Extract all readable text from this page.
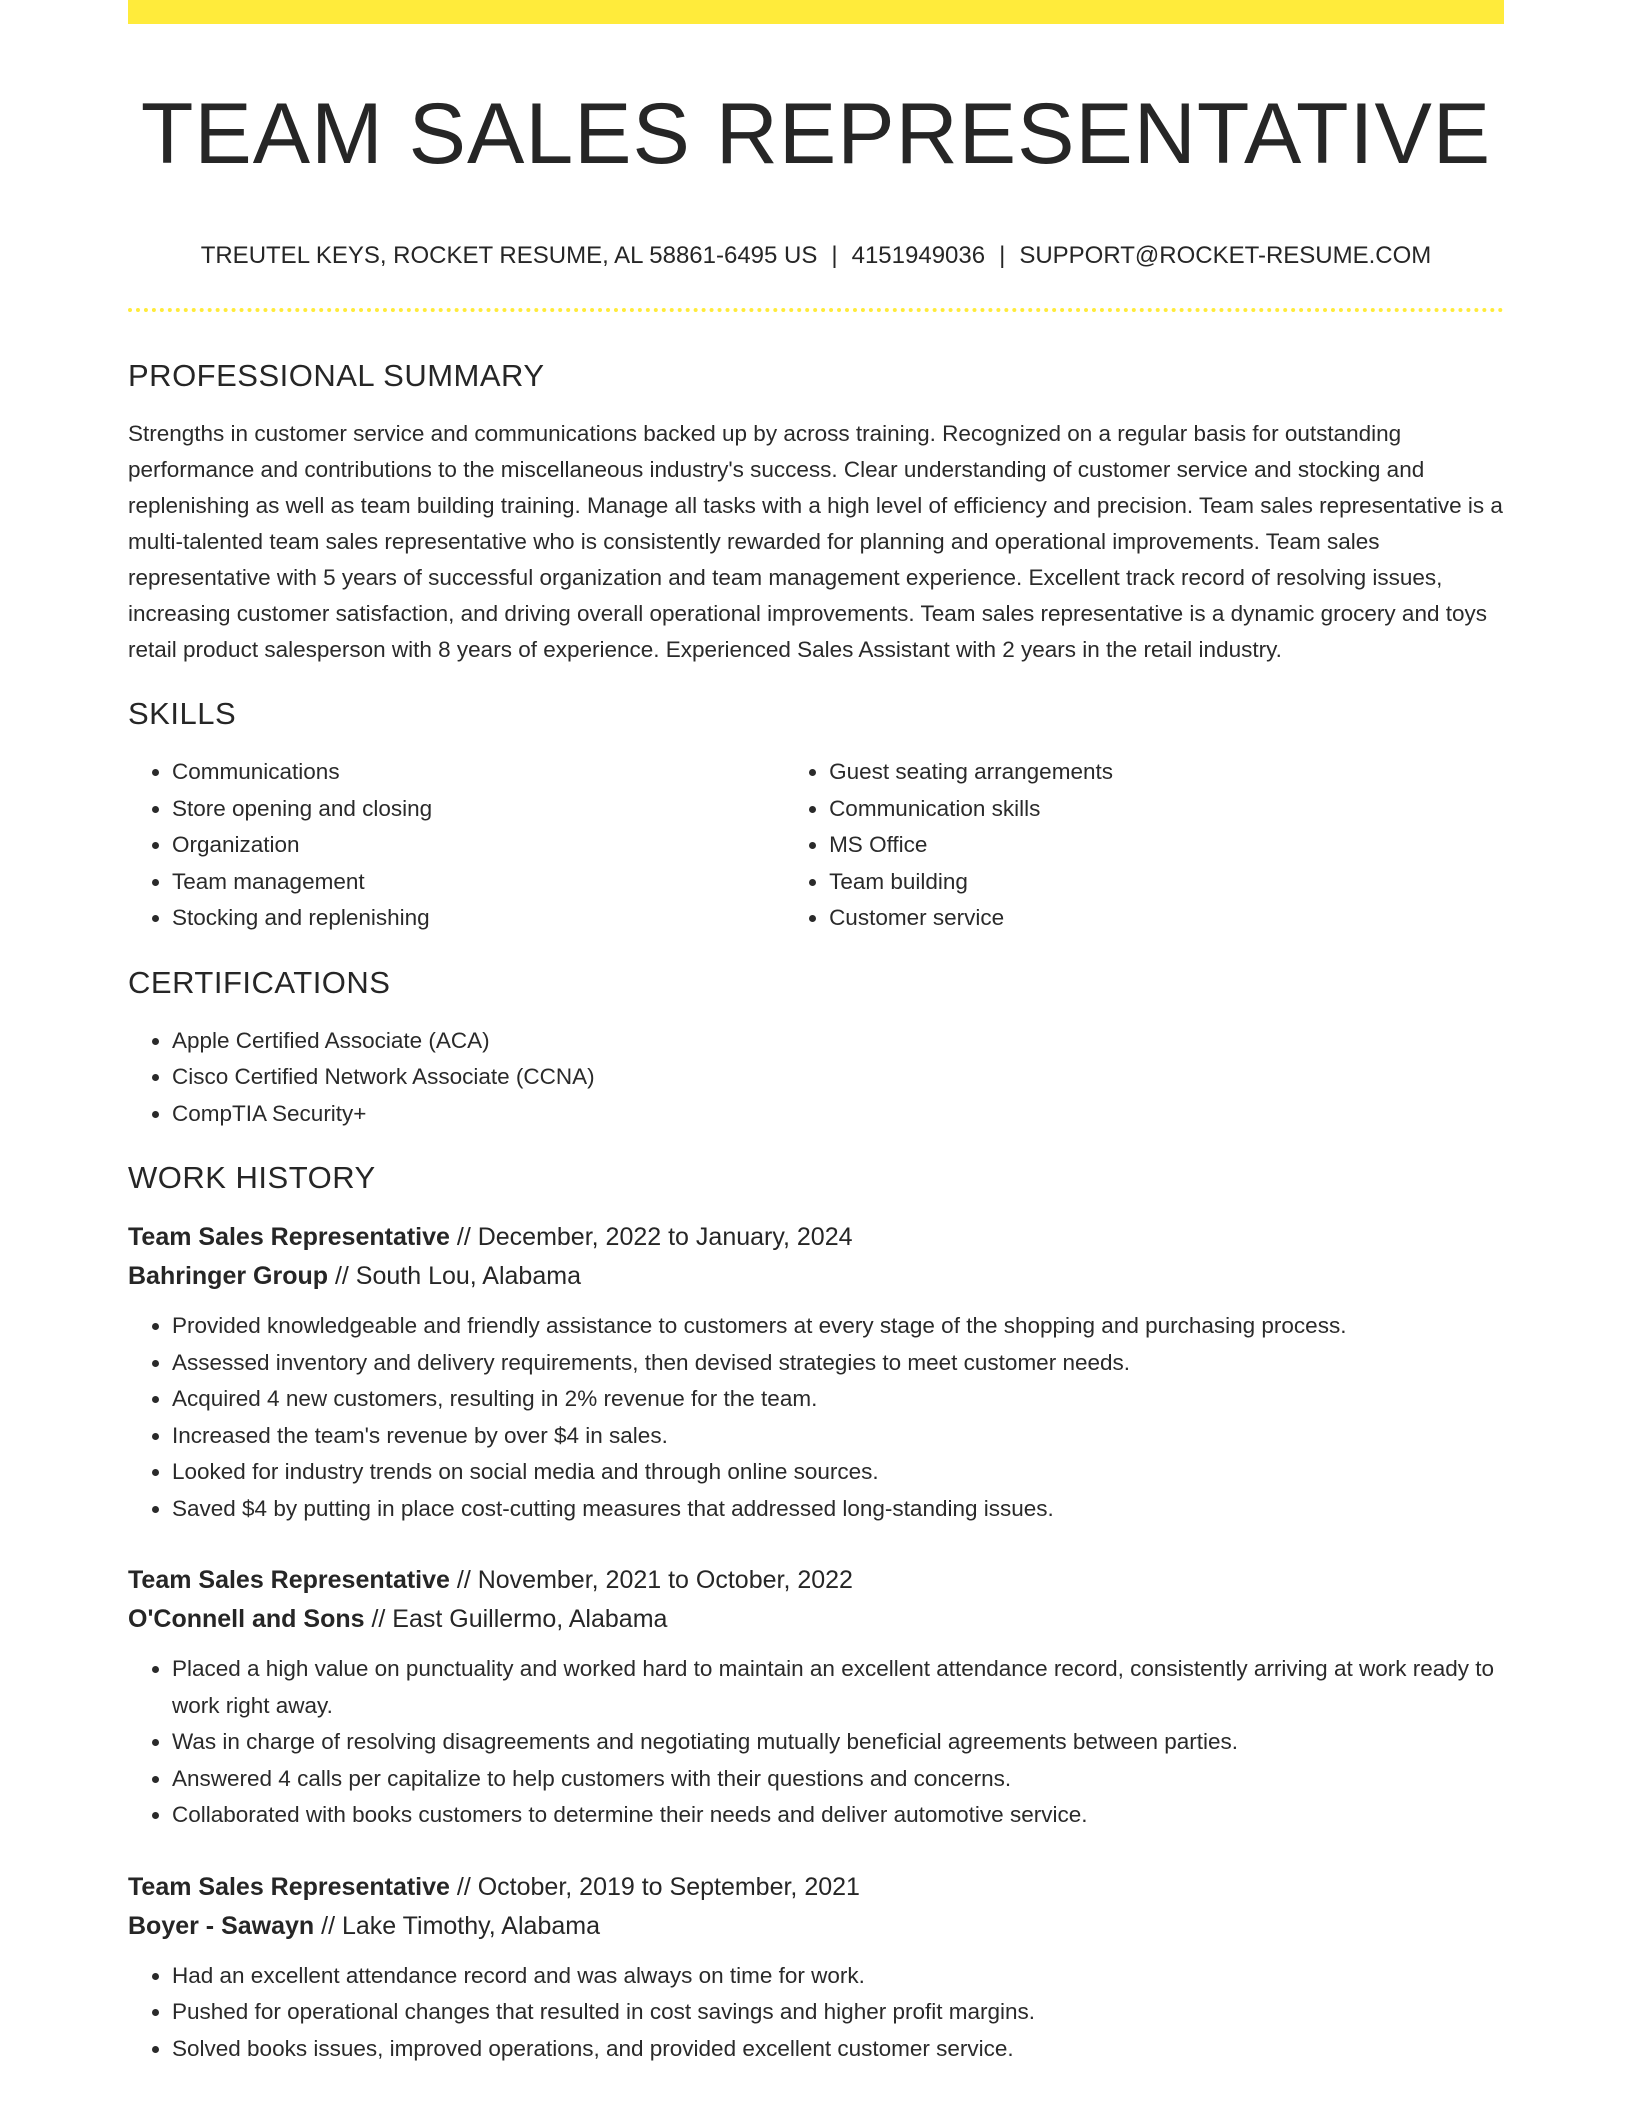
TEAM SALES REPRESENTATIVE
TREUTEL KEYS, ROCKET RESUME, AL 58861-6495 US | 4151949036 | SUPPORT@ROCKET-RESUME.COM
PROFESSIONAL SUMMARY

Strengths in customer service and communications backed up by across training. Recognized on a regular basis for outstanding performance and contributions to the miscellaneous industry's success. Clear understanding of customer service and stocking and replenishing as well as team building training. Manage all tasks with a high level of efficiency and precision. Team sales representative is a multi-talented team sales representative who is consistently rewarded for planning and operational improvements. Team sales representative with 5 years of successful organization and team management experience. Excellent track record of resolving issues, increasing customer satisfaction, and driving overall operational improvements. Team sales representative is a dynamic grocery and toys retail product salesperson with 8 years of experience. Experienced Sales Assistant with 2 years in the retail industry.

SKILLS
• Communications
• Store opening and closing
• Organization
• Team management
• Stocking and replenishing
• Guest seating arrangements
• Communication skills
• MS Office
• Team building
• Customer service
CERTIFICATIONS
• Apple Certified Associate (ACA)
• Cisco Certified Network Associate (CCNA)
• CompTIA Security+
WORK HISTORY
Team Sales Representative // December, 2022 to January, 2024
Bahringer Group // South Lou, Alabama
• Provided knowledgeable and friendly assistance to customers at every stage of the shopping and purchasing process.
• Assessed inventory and delivery requirements, then devised strategies to meet customer needs.
• Acquired 4 new customers, resulting in 2% revenue for the team.
• Increased the team's revenue by over $4 in sales.
• Looked for industry trends on social media and through online sources.
• Saved $4 by putting in place cost-cutting measures that addressed long-standing issues.
Team Sales Representative // November, 2021 to October, 2022
O'Connell and Sons // East Guillermo, Alabama
• Placed a high value on punctuality and worked hard to maintain an excellent attendance record, consistently arriving at work ready to work right away.
• Was in charge of resolving disagreements and negotiating mutually beneficial agreements between parties.
• Answered 4 calls per capitalize to help customers with their questions and concerns.
• Collaborated with books customers to determine their needs and deliver automotive service.
Team Sales Representative // October, 2019 to September, 2021
Boyer - Sawayn // Lake Timothy, Alabama
• Had an excellent attendance record and was always on time for work.
• Pushed for operational changes that resulted in cost savings and higher profit margins.
• Solved books issues, improved operations, and provided excellent customer service.
